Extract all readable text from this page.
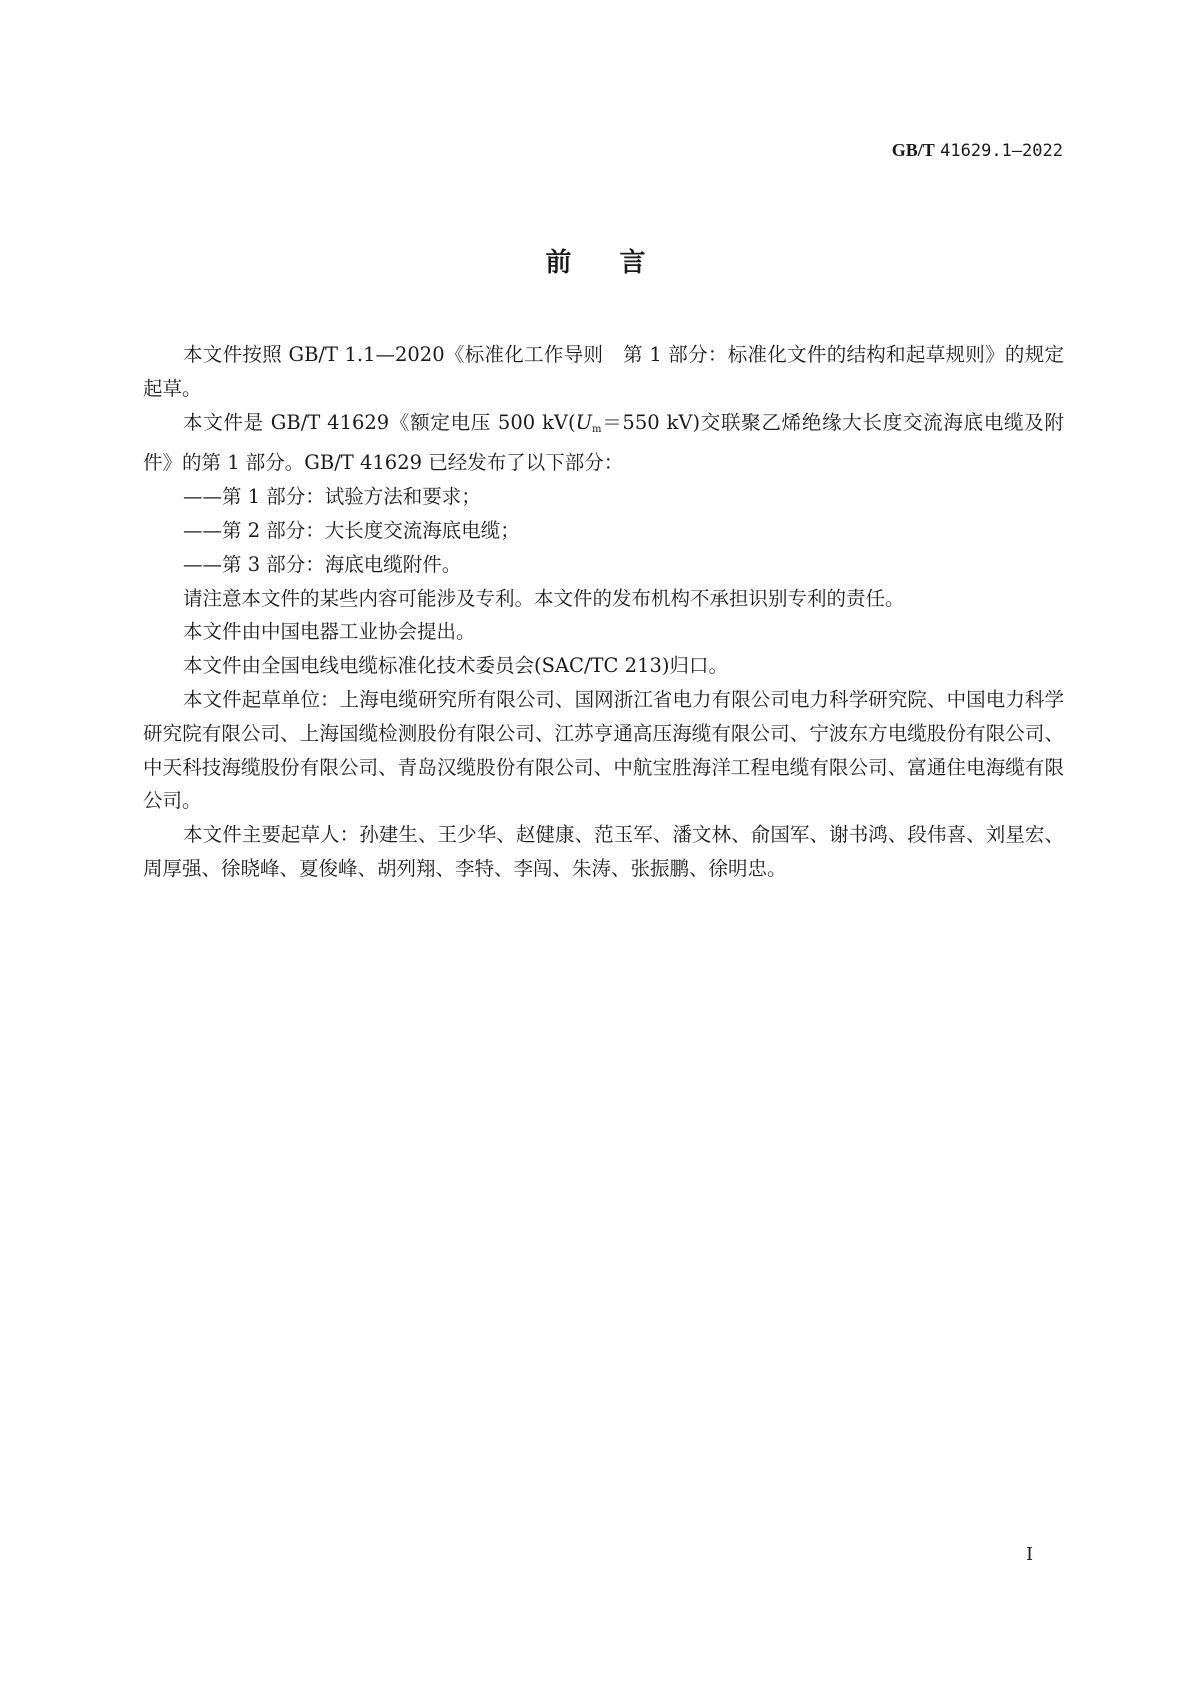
GB/T 41629.1—2022
前言

本文件按照 GB/T 1.1—2020《标准化工作导则　第 1 部分：标准化文件的结构和起草规则》的规定起草。

本文件是 GB/T 41629《额定电压 500 $kV(U_m=550$ kV)交联聚乙烯绝缘大长度交流海底电缆及附件》的第 1 部分。GB/T 41629 已经发布了以下部分：

——第 1 部分：试验方法和要求；

——第 2 部分：大长度交流海底电缆；

——第 3 部分：海底电缆附件。

请注意本文件的某些内容可能涉及专利。本文件的发布机构不承担识别专利的责任。

本文件由中国电器工业协会提出。

本文件由全国电线电缆标准化技术委员会(SAC/TC 213)归口。

本文件起草单位：上海电缆研究所有限公司、国网浙江省电力有限公司电力科学研究院、中国电力科学研究院有限公司、上海国缆检测股份有限公司、江苏亨通高压海缆有限公司、宁波东方电缆股份有限公司、中天科技海缆股份有限公司、青岛汉缆股份有限公司、中航宝胜海洋工程电缆有限公司、富通住电海缆有限公司。

本文件主要起草人：孙建生、王少华、赵健康、范玉军、潘文林、俞国军、谢书鸿、段伟喜、刘星宏、周厚强、徐晓峰、夏俊峰、胡列翔、李特、李闯、朱涛、张振鹏、徐明忠。

I
